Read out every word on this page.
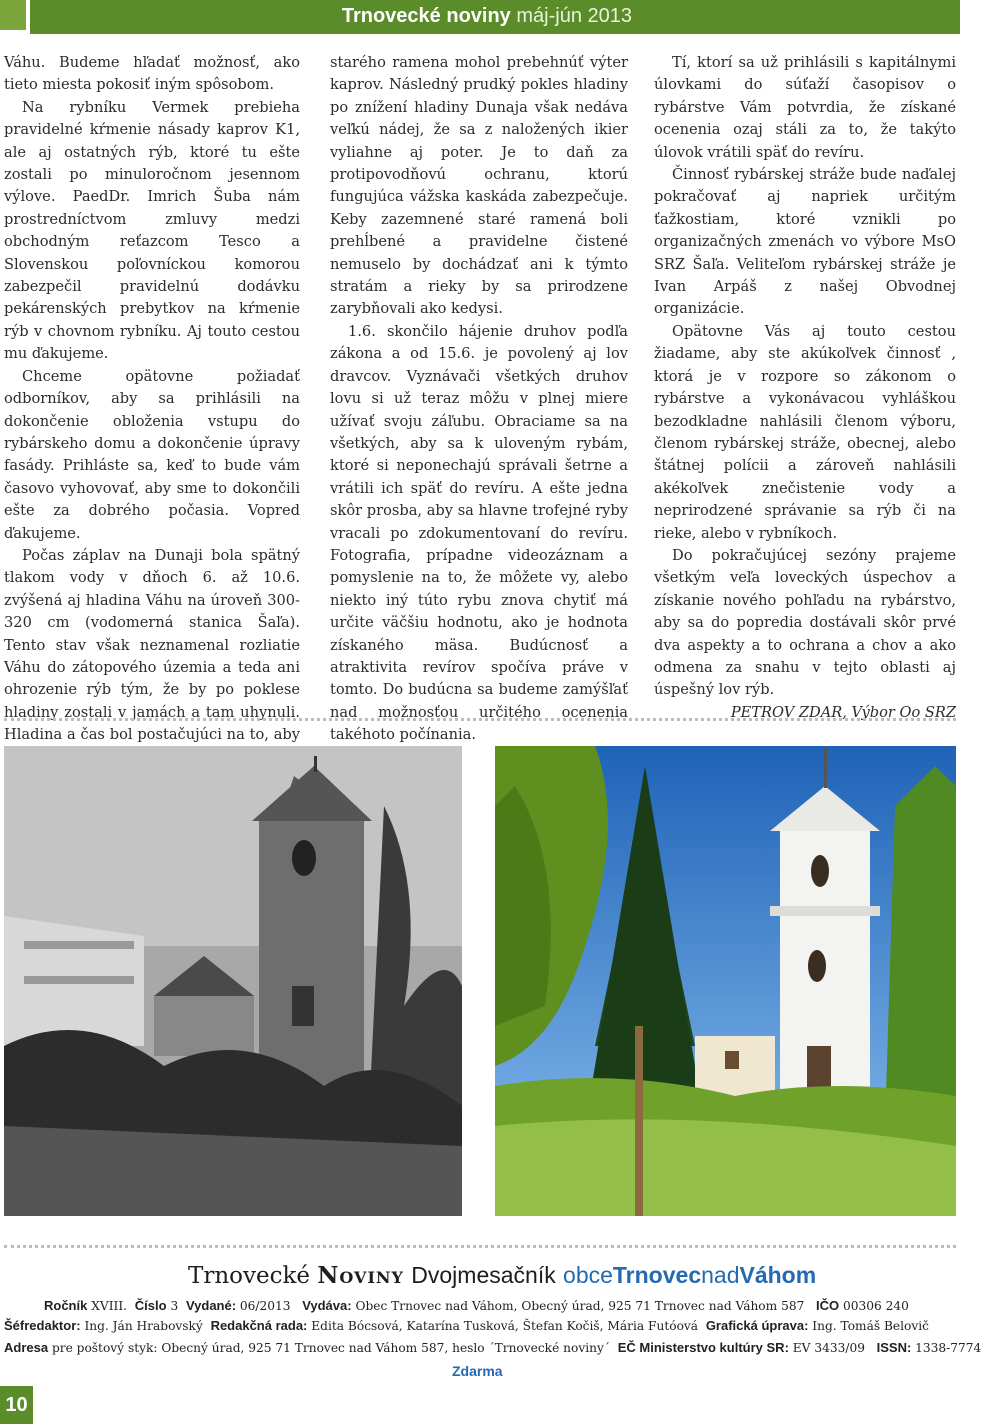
Trnovecké noviny máj-jún 2013

Váhu. Budeme hľadať možnosť, ako tieto miesta pokosiť iným spôsobom.

Na rybníku Vermek prebieha pravidelné kŕmenie násady kaprov K1, ale aj ostatných rýb, ktoré tu ešte zostali po minuloročnom jesennom výlove. PaedDr. Imrich Šuba nám prostredníctvom zmluvy medzi obchodným reťazcom Tesco a Slovenskou poľovníckou komorou zabezpečil pravidelnú dodávku pekárenských prebytkov na kŕmenie rýb v chovnom rybníku. Aj touto cestou mu ďakujeme.

Chceme opätovne požiadať odborníkov, aby sa prihlásili na dokončenie obloženia vstupu do rybárskeho domu a dokončenie úpravy fasády. Prihláste sa, keď to bude vám časovo vyhovovať, aby sme to dokončili ešte za dobrého počasia. Vopred ďakujeme.

Počas záplav na Dunaji bola spätný tlakom vody v dňoch 6. až 10.6. zvýšená aj hladina Váhu na úroveň 300-320 cm (vodomerná stanica Šaľa). Tento stav však neznamenal rozliatie Váhu do zátopového územia a teda ani ohrozenie rýb tým, že by po poklese hladiny zostali v jamách a tam uhynuli. Hladina a čas bol postačujúci na to, aby

starého ramena mohol prebehnúť výter kaprov. Následný prudký pokles hladiny po znížení hladiny Dunaja však nedáva veľkú nádej, že sa z naložených ikier vyliahne aj poter. Je to daň za protipovodňovú ochranu, ktorú fungujúca vážska kaskáda zabezpečuje. Keby zazemnené staré ramená boli prehĺbené a pravidelne čistené nemuselo by dochádzať ani k týmto stratám a rieky by sa prirodzene zarybňovali ako kedysi.

1.6. skončilo hájenie druhov podľa zákona a od 15.6. je povolený aj lov dravcov. Vyznávači všetkých druhov lovu si už teraz môžu v plnej miere užívať svoju záľubu. Obraciame sa na všetkých, aby sa k uloveným rybám, ktoré si neponechajú správali šetrne a vrátili ich späť do revíru. A ešte jedna skôr prosba, aby sa hlavne trofejné ryby vracali po zdokumentovaní do revíru. Fotografia, prípadne videozáznam a pomyslenie na to, že môžete vy, alebo niekto iný túto rybu znova chytiť má určite väčšiu hodnotu, ako je hodnota získaného mäsa. Budúcnosť a atraktivita revírov spočíva práve v tomto. Do budúcna sa budeme zamýšľať nad možnosťou určitého ocenenia takéhoto počínania.

Tí, ktorí sa už prihlásili s kapitálnymi úlovkami do súťaží časopisov o rybárstve Vám potvrdia, že získané ocenenia ozaj stáli za to, že takýto úlovok vrátili späť do revíru.

Činnosť rybárskej stráže bude naďalej pokračovať aj napriek určitým ťažkostiam, ktoré vznikli po organizačných zmenách vo výbore MsO SRZ Šaľa. Veliteľom rybárskej stráže je Ivan Arpáš z našej Obvodnej organizácie.

Opätovne Vás aj touto cestou žiadame, aby ste akúkoľvek činnosť , ktorá je v rozpore so zákonom o rybárstve a vykonávacou vyhláškou bezodkladne nahlásili členom výboru, členom rybárskej stráže, obecnej, alebo štátnej polícii a zároveň nahlásili akékoľvek znečistenie vody a neprirodzené správanie sa rýb či na rieke, alebo v rybníkoch.

Do pokračujúcej sezóny prajeme všetkým veľa loveckých úspechov a získanie nového pohľadu na rybárstvo, aby sa do popredia dostávali skôr prvé dva aspekty a to ochrana a chov a ako odmena za snahu v tejto oblasti aj úspešný lov rýb.

PETROV ZDAR, Výbor Oo SRZ

Trnovecké Noviny Dvojmesačník obceTrnovecnadVáhom
Ročník XVIII. Číslo 3 Vydané: 06/2013 Vydáva: Obec Trnovec nad Váhom, Obecný úrad, 925 71 Trnovec nad Váhom 587 IČO 00306 240
Šéfredaktor: Ing. Ján Hrabovský Redakčná rada: Edita Bócsová, Katarína Tusková, Štefan Kočiš, Mária Futóová Grafická úprava: Ing. Tomáš Belovič
Adresa pre poštový styk: Obecný úrad, 925 71 Trnovec nad Váhom 587, heslo ´Trnovecké noviny´ EČ Ministerstvo kultúry SR: EV 3433/09 ISSN: 1338-7774
Zdarma
10
